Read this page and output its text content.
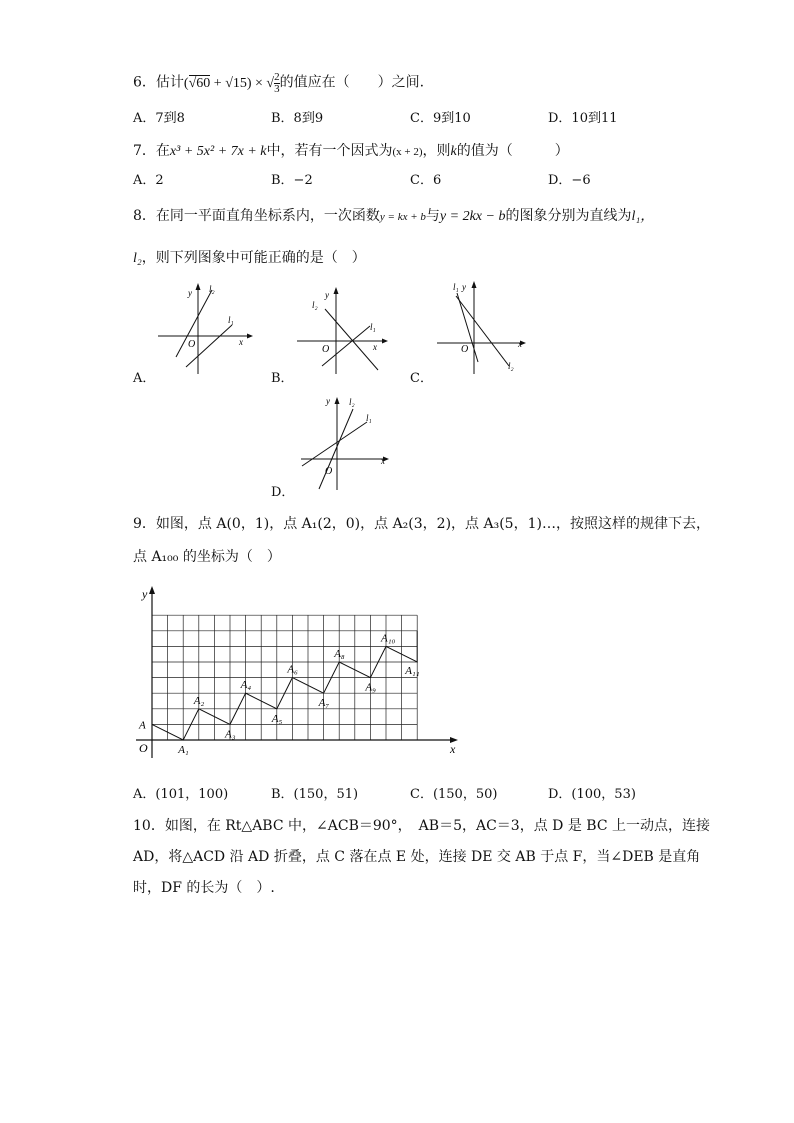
6．估计(√60 + √15) × √ $\frac{2}{3}$ 的值应在（　　）之间.
A．7到8	B．8到9	C．9到10	D．10到11
7．在x³ + 5x² + 7x + k中，若有一个因式为(x + 2)，则k的值为（　　　）
A．2	B．−2	C．6	D．−6
8．在同一平面直角坐标系内，一次函数y = kx + b与y = 2kx − b的图象分别为直线为l₁，
l₂，则下列图象中可能正确的是（　）
A．
y
x
O
l₂
l₁
B．
y
x
O
l₂
l₁
C．
y
x
O
l₁
l₂
D．
y
x
O
l₂
l₁
9．如图，点 A(0，1)，点 A₁(2，0)，点 A₂(3，2)，点 A₃(5，1)…，按照这样的规律下去，
点 A₁₀₀ 的坐标为（　）
y
x
O
A
A₁
A₂
A₃
A₄
A₅
A₆
A₇
A₈
A₉
A₁₀
A₁₁
A．(101，100)	B．(150，51)	C．(150，50)	D．(100，53)
10．如图，在 Rt△ABC 中，∠ACB＝90°，　AB＝5，AC＝3，点 D 是 BC 上一动点，连接
AD，将△ACD 沿 AD 折叠，点 C 落在点 E 处，连接 DE 交 AB 于点 F，当∠DEB 是直角
时，DF 的长为（　）.
